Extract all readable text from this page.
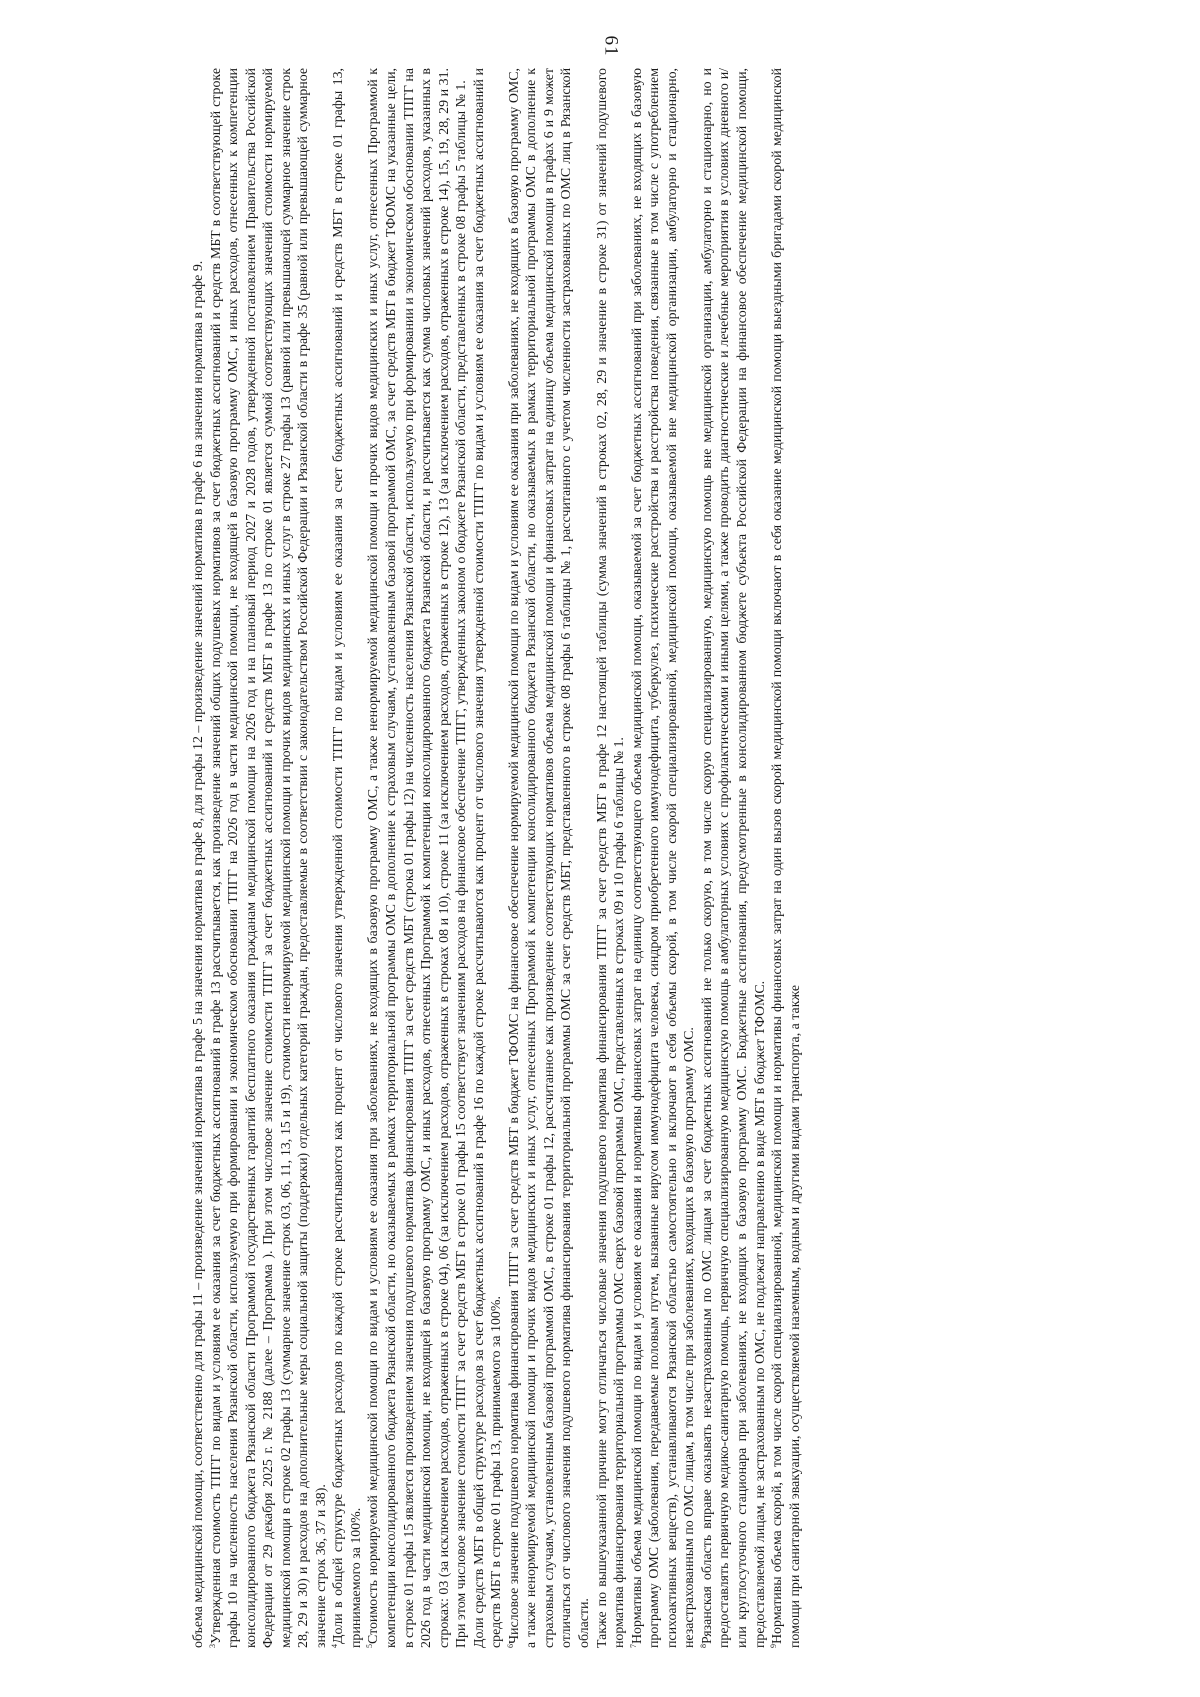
61

объема медицинской помощи, соответственно для графы 11 – произведение значений норматива в графе 5 на значения норматива в графе 8, для графы 12 – произведение значений норматива в графе 6 на значения норматива в графе 9. $^3$Утвержденная стоимость ТПГГ по видам и условиям ее оказания за счет бюджетных ассигнований в графе 13 рассчитывается, как произведение значений общих подушевых нормативов за счет бюджетных ассигнований и средств МБТ в соответствующей строке графы 10 на численность населения Рязанской области, используемую при формировании и экономическом обосновании ТПГГ на 2026 год в части медицинской помощи, не входящей в базовую программу ОМС, и иных расходов, отнесенных к компетенции консолидированного бюджета Рязанской области Программой государственных гарантий бесплатного оказания гражданам медицинской помощи на 2026 год и на плановый период 2027 и 2028 годов, утвержденной постановлением Правительства Российской Федерации от 29 декабря 2025 г. № 2188 (далее – Программа ). При этом числовое значение стоимости ТПГГ за счет бюджетных ассигнований и средств МБТ в графе 13 по строке 01 является суммой соответствующих значений стоимости нормируемой медицинской помощи в строке 02 графы 13 (суммарное значение строк 03, 06, 11, 13, 15 и 19), стоимости ненормируемой медицинской помощи и прочих видов медицинских и иных услуг в строке 27 графы 13 (равной или превышающей суммарное значение строк 28, 29 и 30) и расходов на дополнительные меры социальной защиты (поддержки) отдельных категорий граждан, предоставляемые в соответствии с законодательством Российской Федерации и Рязанской области в графе 35 (равной или превышающей суммарное значение строк 36, 37 и 38). $^4$Доли в общей структуре бюджетных расходов по каждой строке рассчитываются как процент от числового значения утвержденной стоимости ТПГГ по видам и условиям ее оказания за счет бюджетных ассигнований и средств МБТ в строке 01 графы 13, принимаемого за 100%. $^5$Стоимость нормируемой медицинской помощи по видам и условиям ее оказания при заболеваниях, не входящих в базовую программу ОМС, а также ненормируемой медицинской помощи и прочих видов медицинских и иных услуг, отнесенных Программой к компетенции консолидированного бюджета Рязанской области, но оказываемых в рамках территориальной программы ОМС в дополнение к страховым случаям, установленным базовой программой ОМС, за счет средств МБТ в бюджет ТФОМС на указанные цели, в строке 01 графы 15 является произведением значения подушевого норматива финансирования ТПГГ за счет средств МБТ (строка 01 графы 12) на численность населения Рязанской области, используемую при формировании и экономическом обосновании ТПГГ на 2026 год в части медицинской помощи, не входящей в базовую программу ОМС, и иных расходов, отнесенных Программой к компетенции консолидированного бюджета Рязанской области, и рассчитывается как сумма числовых значений расходов, указанных в строках: 03 (за исключением расходов, отраженных в строке 04), 06 (за исключением расходов, отраженных в строках 08 и 10), строке 11 (за исключением расходов, отраженных в строке 12), 13 (за исключением расходов, отраженных в строке 14), 15, 19, 28, 29 и 31. При этом числовое значение стоимости ТПГГ за счет средств МБТ в строке 01 графы 15 соответствует значениям расходов на финансовое обеспечение ТПГГ, утвержденных законом о бюджете Рязанской области, представленных в строке 08 графы 5 таблицы № 1. Доли средств МБТ в общей структуре расходов за счет бюджетных ассигнований в графе 16 по каждой строке рассчитываются как процент от числового значения утвержденной стоимости ТПГГ по видам и условиям ее оказания за счет бюджетных ассигнований и средств МБТ в строке 01 графы 13, принимаемого за 100%. $^6$Числовое значение подушевого норматива финансирования ТПГГ за счет средств МБТ в бюджет ТФОМС на финансовое обеспечение нормируемой медицинской помощи по видам и условиям ее оказания при заболеваниях, не входящих в базовую программу ОМС, а также ненормируемой медицинской помощи и прочих видов медицинских и иных услуг, отнесенных Программой к компетенции консолидированного бюджета Рязанской области, но оказываемых в рамках территориальной программы ОМС в дополнение к страховым случаям, установленным базовой программой ОМС, в строке 01 графы 12, рассчитанное как произведение соответствующих нормативов объема медицинской помощи и финансовых затрат на единицу объема медицинской помощи в графах 6 и 9 может отличаться от числового значения подушевого норматива финансирования территориальной программы ОМС за счет средств МБТ, представленного в строке 08 графы 6 таблицы № 1, рассчитанного с учетом численности застрахованных по ОМС лиц в Рязанской области. Также по вышеуказанной причине могут отличаться числовые значения подушевого норматива финансирования ТПГГ за счет средств МБТ в графе 12 настоящей таблицы (сумма значений в строках 02, 28, 29 и значение в строке 31) от значений подушевого норматива финансирования территориальной программы ОМС сверх базовой программы ОМС, представленных в строках 09 и 10 графы 6 таблицы № 1. $^7$Нормативы объема медицинской помощи по видам и условиям ее оказания и нормативы финансовых затрат на единицу соответствующего объема медицинской помощи, оказываемой за счет бюджетных ассигнований при заболеваниях, не входящих в базовую программу ОМС (заболевания, передаваемые половым путем, вызванные вирусом иммунодефицита человека, синдром приобретенного иммунодефицита, туберкулез, психические расстройства и расстройства поведения, связанные в том числе с употреблением психоактивных веществ), устанавливаются Рязанской областью самостоятельно и включают в себя объемы скорой, в том числе скорой специализированной, медицинской помощи, оказываемой вне медицинской организации, амбулаторно и стационарно, незастрахованным по ОМС лицам, в том числе при заболеваниях, входящих в базовую программу ОМС. $^8$Рязанская область вправе оказывать незастрахованным по ОМС лицам за счет бюджетных ассигнований не только скорую, в том числе скорую специализированную, медицинскую помощь вне медицинской организации, амбулаторно и стационарно, но и предоставлять первичную медико-санитарную помощь, первичную специализированную медицинскую помощь в амбулаторных условиях с профилактическими и иными целями, а также проводить диагностические и лечебные мероприятия в условиях дневного и/или круглосуточного стационара при заболеваниях, не входящих в базовую программу ОМС. Бюджетные ассигнования, предусмотренные в консолидированном бюджете субъекта Российской Федерации на финансовое обеспечение медицинской помощи, предоставляемой лицам, не застрахованным по ОМС, не подлежат направлению в виде МБТ в бюджет ТФОМС. $^9$Нормативы объема скорой, в том числе скорой специализированной, медицинской помощи и нормативы финансовых затрат на один вызов скорой медицинской помощи включают в себя оказание медицинской помощи выездными бригадами скорой медицинской помощи при санитарной эвакуации, осуществляемой наземным, водным и другими видами транспорта, а также
